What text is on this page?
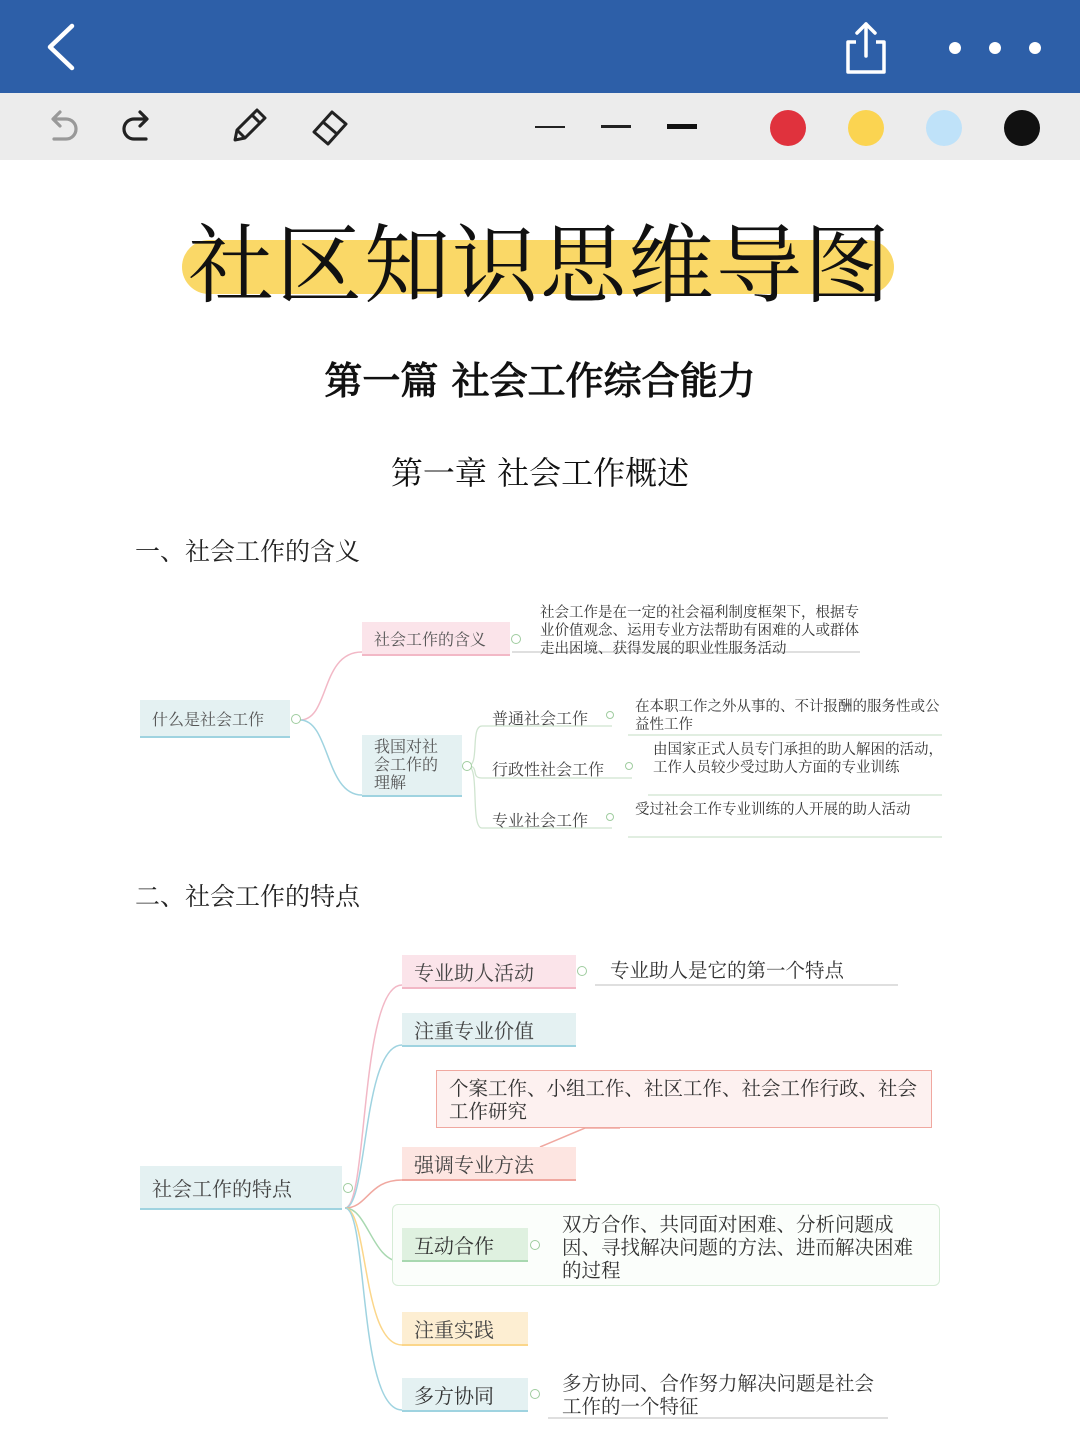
社区知识思维导图
第一篇 社会工作综合能力
第一章 社会工作概述
一、社会工作的含义
二、社会工作的特点
什么是社会工作
社会工作的含义
社会工作是在一定的社会福利制度框架下，根据专业价值观念、运用专业方法帮助有困难的人或群体走出困境、获得发展的职业性服务活动
我国对社会工作的理解
普通社会工作
在本职工作之外从事的、不计报酬的服务性或公益性工作
行政性社会工作
由国家正式人员专门承担的助人解困的活动，工作人员较少受过助人方面的专业训练
专业社会工作
受过社会工作专业训练的人开展的助人活动
社会工作的特点
专业助人活动	专业助人是它的第一个特点
注重专业价值
个案工作、小组工作、社区工作、社会工作行政、社会工作研究
强调专业方法
互动合作
双方合作、共同面对困难、分析问题成因、寻找解决问题的方法、进而解决困难的过程
注重实践
多方协同	多方协同、合作努力解决问题是社会工作的一个特征
